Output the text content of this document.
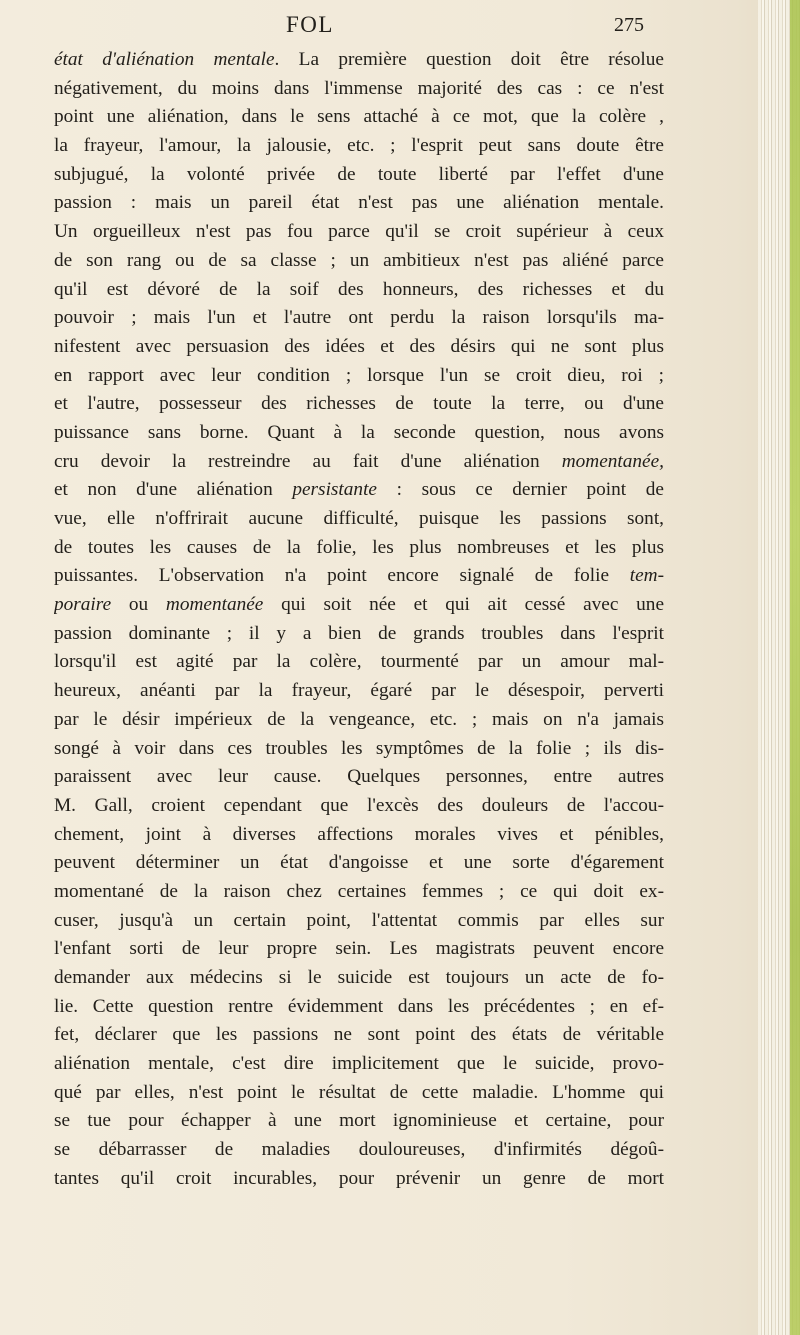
FOL	275
état d'aliénation mentale. La première question doit être résolue
négativement, du moins dans l'immense majorité des cas : ce n'est
point une aliénation, dans le sens attaché à ce mot, que la colère ,
la frayeur, l'amour, la jalousie, etc. ; l'esprit peut sans doute être
subjugué, la volonté privée de toute liberté par l'effet d'une
passion : mais un pareil état n'est pas une aliénation mentale.
Un orgueilleux n'est pas fou parce qu'il se croit supérieur à ceux
de son rang ou de sa classe ; un ambitieux n'est pas aliéné parce
qu'il est dévoré de la soif des honneurs, des richesses et du
pouvoir ; mais l'un et l'autre ont perdu la raison lorsqu'ils ma-
nifestent avec persuasion des idées et des désirs qui ne sont plus
en rapport avec leur condition ; lorsque l'un se croit dieu, roi ;
et l'autre, possesseur des richesses de toute la terre, ou d'une
puissance sans borne. Quant à la seconde question, nous avons
cru devoir la restreindre au fait d'une aliénation momentanée,
et non d'une aliénation persistante : sous ce dernier point de
vue, elle n'offrirait aucune difficulté, puisque les passions sont,
de toutes les causes de la folie, les plus nombreuses et les plus
puissantes. L'observation n'a point encore signalé de folie tem-
poraire ou momentanée qui soit née et qui ait cessé avec une
passion dominante ; il y a bien de grands troubles dans l'esprit
lorsqu'il est agité par la colère, tourmenté par un amour mal-
heureux, anéanti par la frayeur, égaré par le désespoir, perverti
par le désir impérieux de la vengeance, etc. ; mais on n'a jamais
songé à voir dans ces troubles les symptômes de la folie ; ils dis-
paraissent avec leur cause. Quelques personnes, entre autres
M. Gall, croient cependant que l'excès des douleurs de l'accou-
chement, joint à diverses affections morales vives et pénibles,
peuvent déterminer un état d'angoisse et une sorte d'égarement
momentané de la raison chez certaines femmes ; ce qui doit ex-
cuser, jusqu'à un certain point, l'attentat commis par elles sur
l'enfant sorti de leur propre sein. Les magistrats peuvent encore
demander aux médecins si le suicide est toujours un acte de fo-
lie. Cette question rentre évidemment dans les précédentes ; en ef-
fet, déclarer que les passions ne sont point des états de véritable
aliénation mentale, c'est dire implicitement que le suicide, provo-
qué par elles, n'est point le résultat de cette maladie. L'homme qui
se tue pour échapper à une mort ignominieuse et certaine, pour
se débarrasser de maladies douloureuses, d'infirmités dégoû-
tantes qu'il croit incurables, pour prévenir un genre de mort
